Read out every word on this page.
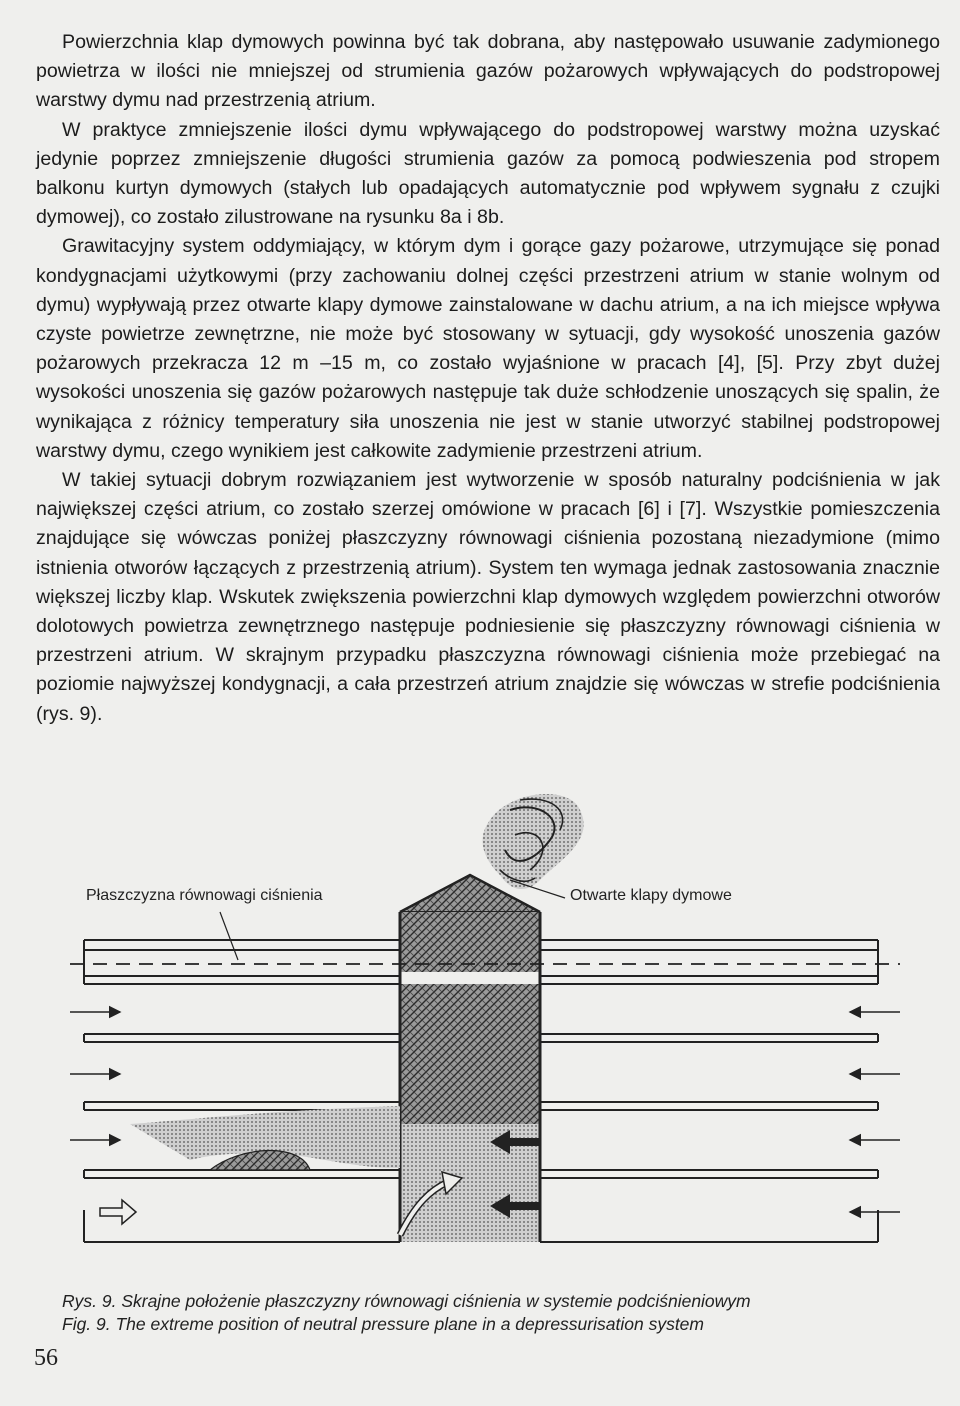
Powierzchnia klap dymowych powinna być tak dobrana, aby następowało usuwanie zadymionego powietrza w ilości nie mniejszej od strumienia gazów pożarowych wpływających do podstropowej warstwy dymu nad przestrzenią atrium.

W praktyce zmniejszenie ilości dymu wpływającego do podstropowej warstwy można uzyskać jedynie poprzez zmniejszenie długości strumienia gazów za pomocą podwieszenia pod stropem balkonu kurtyn dymowych (stałych lub opadających automatycznie pod wpływem sygnału z czujki dymowej), co zostało zilustrowane na rysunku 8a i 8b.

Grawitacyjny system oddymiający, w którym dym i gorące gazy pożarowe, utrzymujące się ponad kondygnacjami użytkowymi (przy zachowaniu dolnej części przestrzeni atrium w stanie wolnym od dymu) wypływają przez otwarte klapy dymowe zainstalowane w dachu atrium, a na ich miejsce wpływa czyste powietrze zewnętrzne, nie może być stosowany w sytuacji, gdy wysokość unoszenia gazów pożarowych przekracza 12 m –15 m, co zostało wyjaśnione w pracach [4], [5]. Przy zbyt dużej wysokości unoszenia się gazów pożarowych następuje tak duże schłodzenie unoszących się spalin, że wynikająca z różnicy temperatury siła unoszenia nie jest w stanie utworzyć stabilnej podstropowej warstwy dymu, czego wynikiem jest całkowite zadymienie przestrzeni atrium.

W takiej sytuacji dobrym rozwiązaniem jest wytworzenie w sposób naturalny podciśnienia w jak największej części atrium, co zostało szerzej omówione w pracach [6] i [7]. Wszystkie pomieszczenia znajdujące się wówczas poniżej płaszczyzny równowagi ciśnienia pozostaną niezadymione (mimo istnienia otworów łączących z przestrzenią atrium). System ten wymaga jednak zastosowania znacznie większej liczby klap. Wskutek zwiększenia powierzchni klap dymowych względem powierzchni otworów dolotowych powietrza zewnętrznego następuje podniesienie się płaszczyzny równowagi ciśnienia w przestrzeni atrium. W skrajnym przypadku płaszczyzna równowagi ciśnienia może przebiegać na poziomie najwyższej kondygnacji, a cała przestrzeń atrium znajdzie się wówczas w strefie podciśnienia (rys. 9).

Płaszczyzna równowagi ciśnienia	Otwarte klapy dymowe
Rys. 9. Skrajne położenie płaszczyzny równowagi ciśnienia w systemie podciśnieniowym
Fig. 9. The extreme position of neutral pressure plane in a depressurisation system
56
